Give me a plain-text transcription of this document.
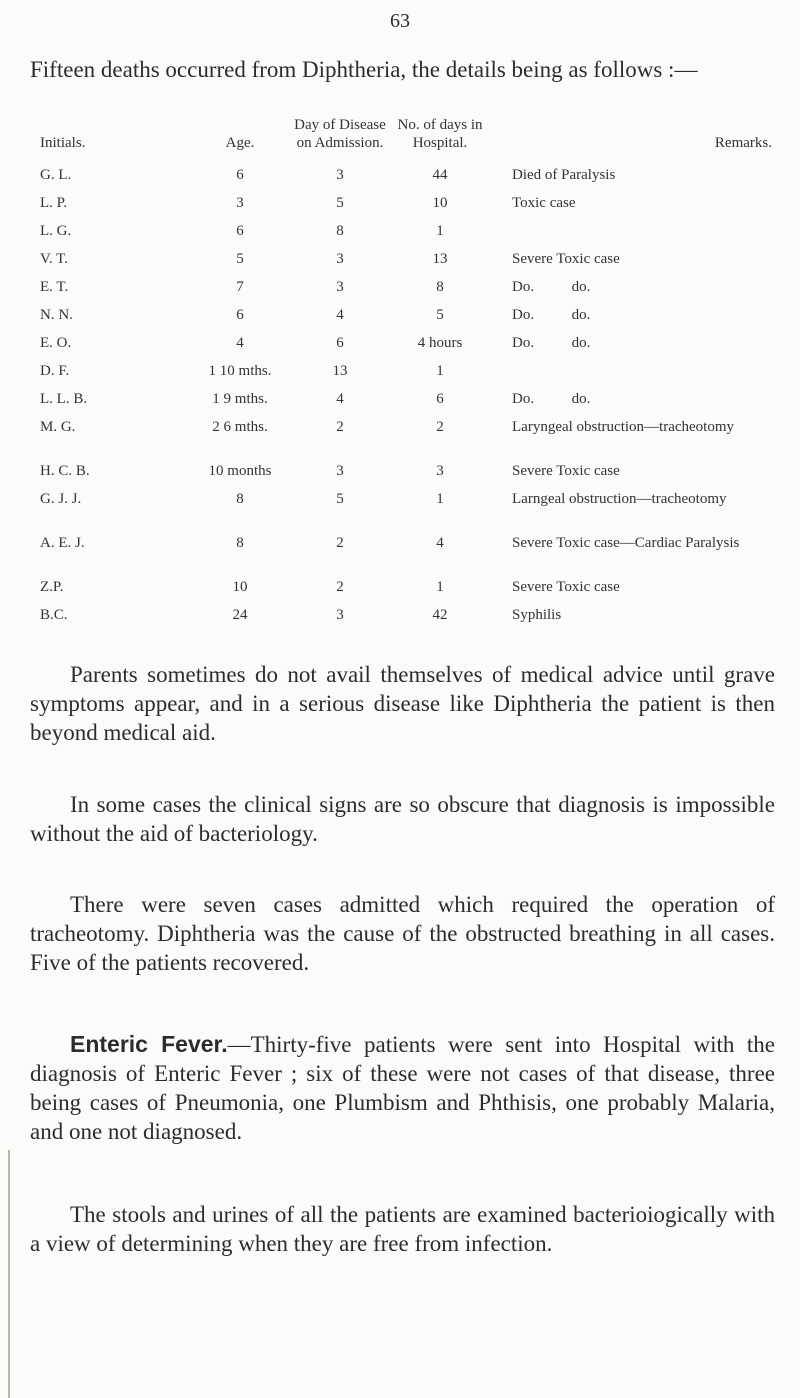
63
Fifteen deaths occurred from Diphtheria, the details being as follows :—
Initials.	Age.	Day of Disease on Admission.	No. of days in Hospital.	Remarks.

G. L.	6	3	44	Died of Paralysis
L. P.	3	5	10	Toxic case
L. G.	6	8	1	
V. T.	5	3	13	Severe Toxic case
E. T.	7	3	8	Do.          do.
N. N.	6	4	5	Do.          do.
E. O.	4	6	4 hours	Do.          do.
D. F.	1 10 mths.	13	1	
L. L. B.	1 9 mths.	4	6	Do.          do.
M. G.	2 6 mths.	2	2	Laryngeal obstruction—tracheotomy
H. C. B.	10 months	3	3	Severe Toxic case
G. J. J.	8	5	1	Larngeal obstruction—tracheotomy
A. E. J.	8	2	4	Severe Toxic case—Cardiac Paralysis
Z.P.	10	2	1	Severe Toxic case
B.C.	24	3	42	Syphilis

Parents sometimes do not avail themselves of medical advice until grave symptoms appear, and in a serious disease like Diphtheria the patient is then beyond medical aid.

In some cases the clinical signs are so obscure that diagnosis is impossible without the aid of bacteriology.

There were seven cases admitted which required the operation of tracheotomy. Diphtheria was the cause of the obstructed breathing in all cases. Five of the patients recovered.

Enteric Fever.—Thirty-five patients were sent into Hospital with the diagnosis of Enteric Fever ; six of these were not cases of that disease, three being cases of Pneumonia, one Plumbism and Phthisis, one probably Malaria, and one not diagnosed.

The stools and urines of all the patients are examined bacterioiogically with a view of determining when they are free from infection.
